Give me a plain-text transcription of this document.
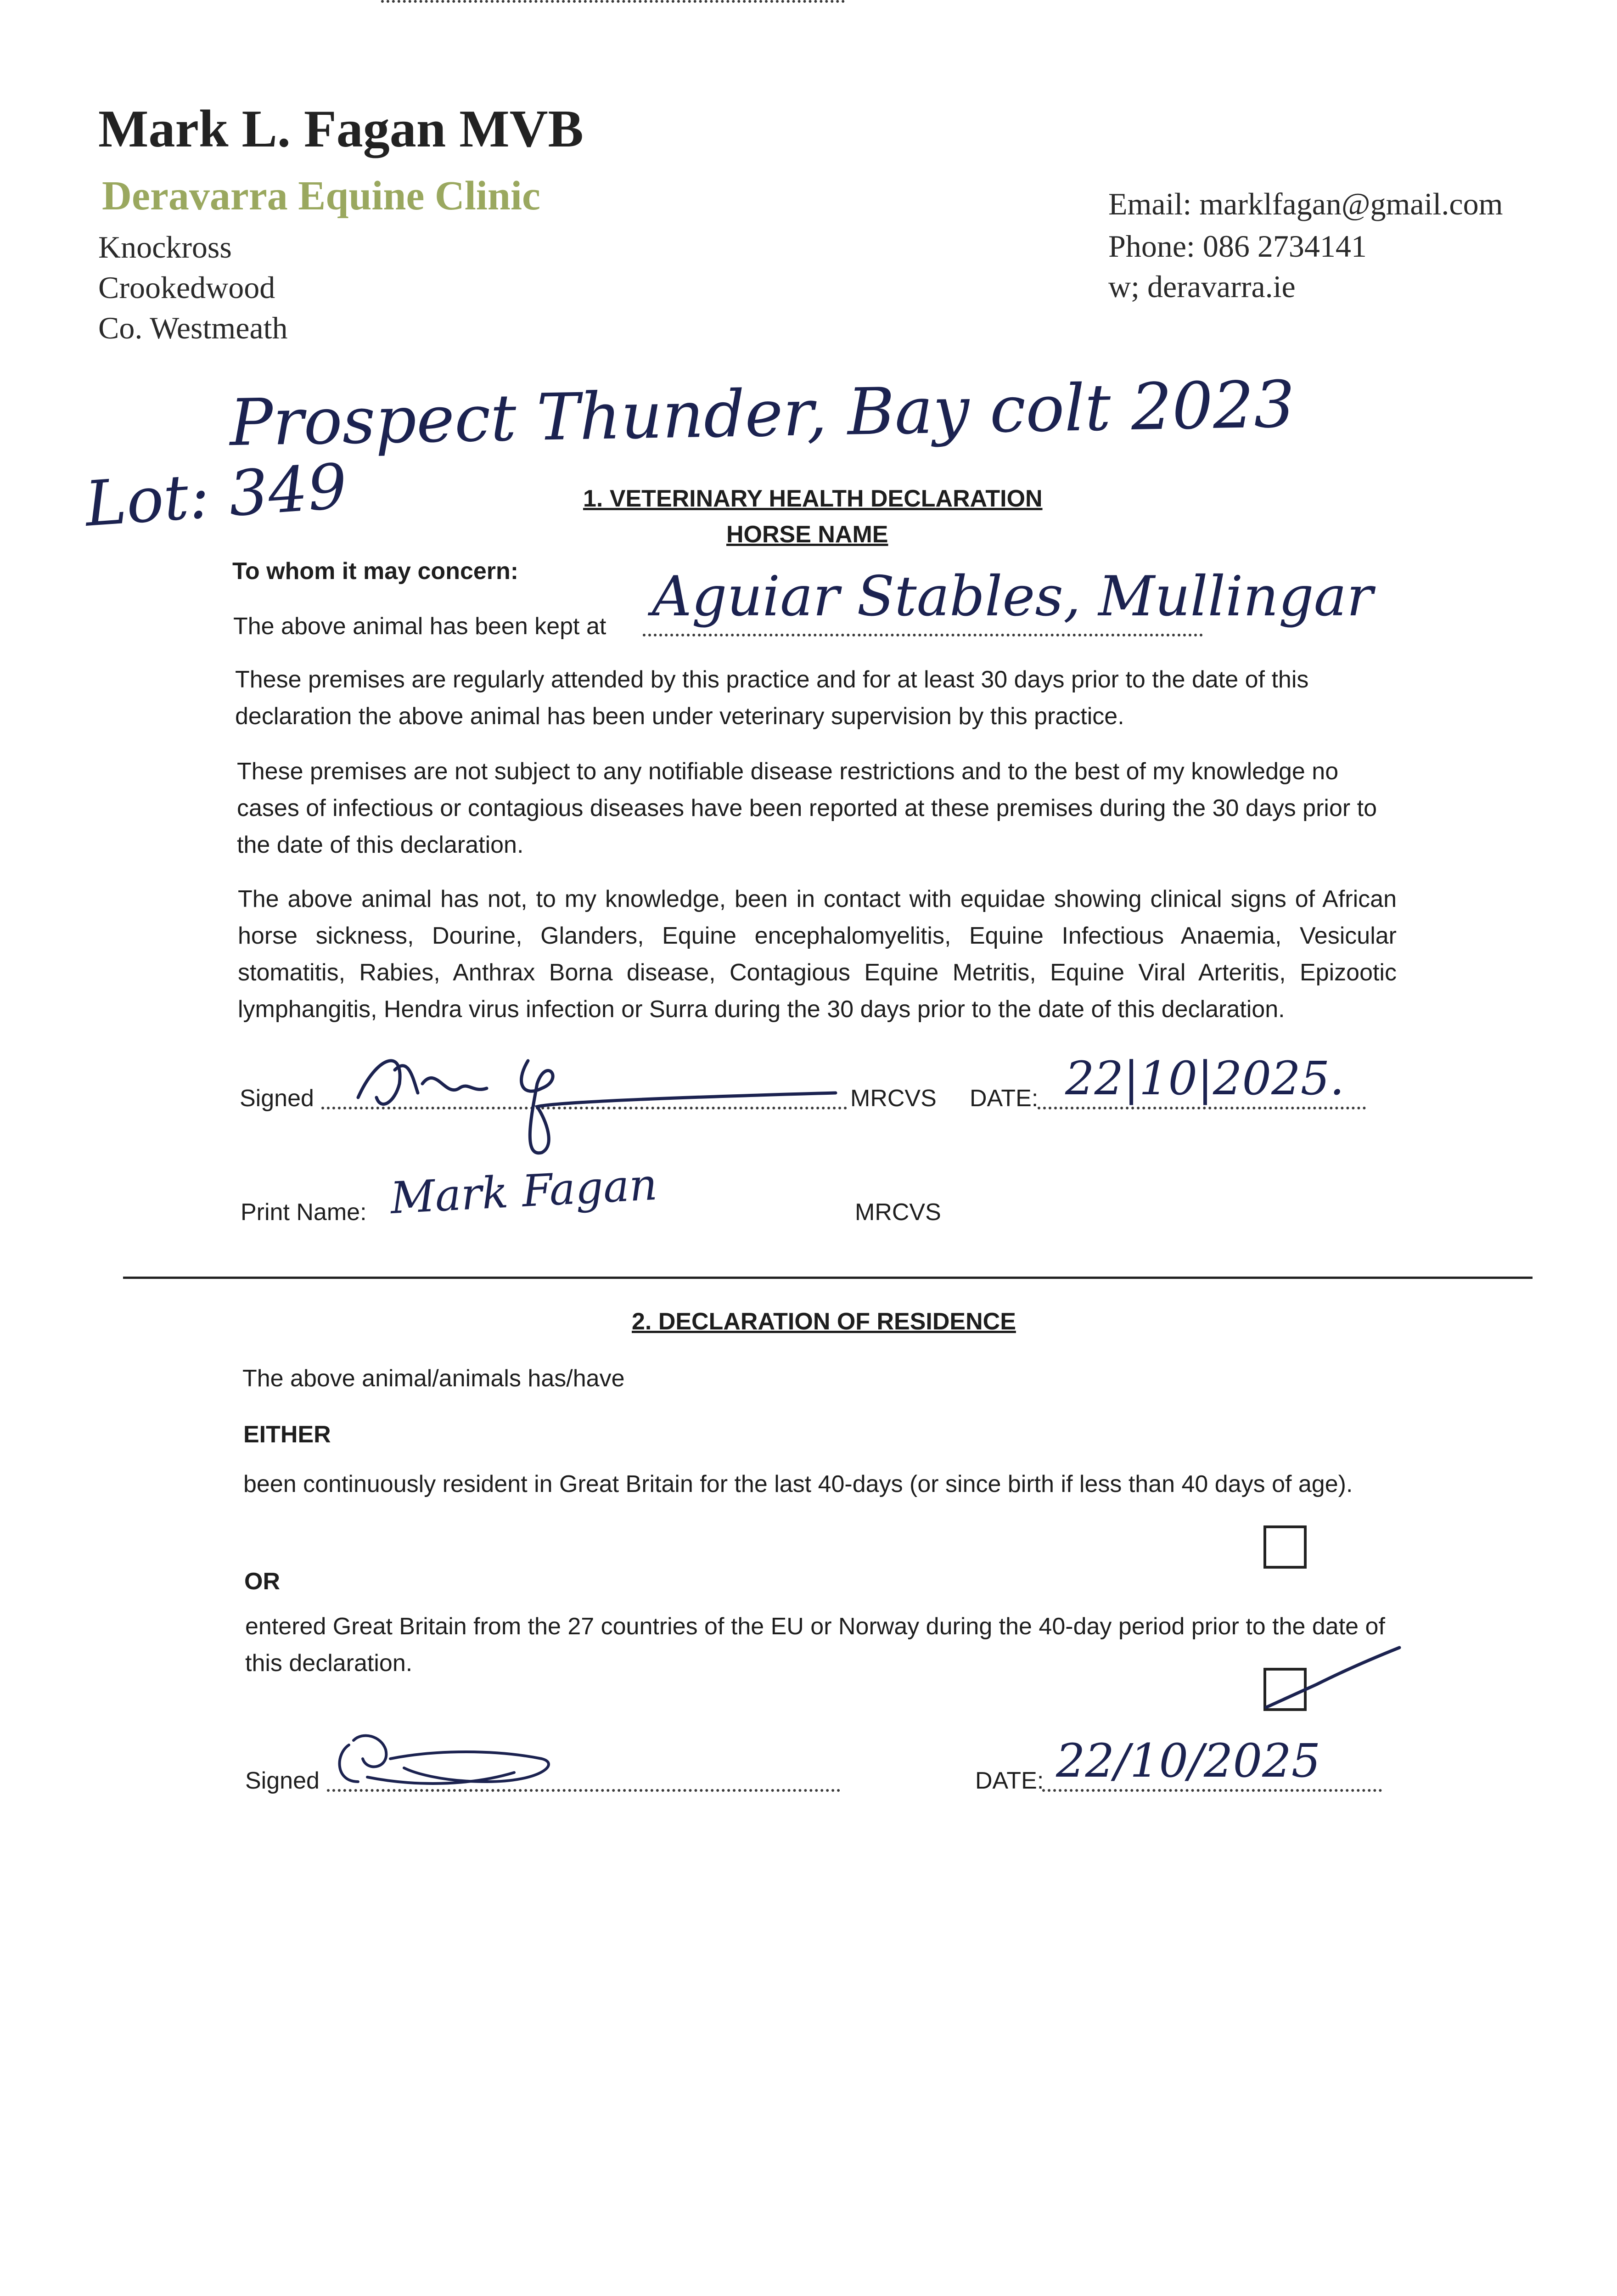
Mark L. Fagan MVB
Deravarra Equine Clinic
Knockross
Crookedwood
Co. Westmeath
Email: marklfagan@gmail.com
Phone: 086 2734141
w; deravarra.ie
Prospect Thunder, Bay colt 2023
Lot: 349	1. VETERINARY HEALTH DECLARATION
HORSE NAME
To whom it may concern:
The above animal has been kept at Aguiar Stables, Mullingar
These premises are regularly attended by this practice and for at least 30 days prior to the date of this declaration the above animal has been under veterinary supervision by this practice.
These premises are not subject to any notifiable disease restrictions and to the best of my knowledge no cases of infectious or contagious diseases have been reported at these premises during the 30 days prior to the date of this declaration.
The above animal has not, to my knowledge, been in contact with equidae showing clinical signs of African horse sickness, Dourine, Glanders, Equine encephalomyelitis, Equine Infectious Anaemia, Vesicular stomatitis, Rabies, Anthrax Borna disease, Contagious Equine Metritis, Equine Viral Arteritis, Epizootic lymphangitis, Hendra virus infection or Surra during the 30 days prior to the date of this declaration.
Signed	MRCVS DATE: 22|10|2025.
Print Name: Mark Fagan	MRCVS
2. DECLARATION OF RESIDENCE
The above animal/animals has/have
EITHER
been continuously resident in Great Britain for the last 40-days (or since birth if less than 40 days of age).
OR
entered Great Britain from the 27 countries of the EU or Norway during the 40-day period prior to the date of this declaration.
Signed	DATE: 22/10/2025
